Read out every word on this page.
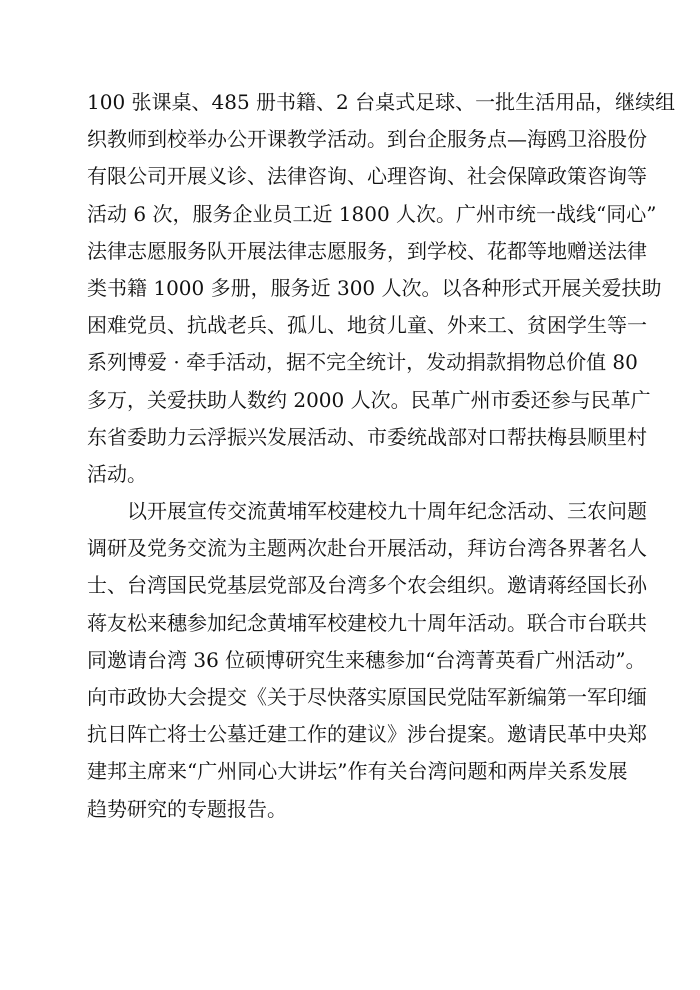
100 张课桌、485 册书籍、2 台桌式足球、一批生活用品，继续组
织教师到校举办公开课教学活动。到台企服务点—海鸥卫浴股份
有限公司开展义诊、法律咨询、心理咨询、社会保障政策咨询等
活动 6 次，服务企业员工近 1800 人次。广州市统一战线“同心”
法律志愿服务队开展法律志愿服务，到学校、花都等地赠送法律
类书籍 1000 多册，服务近 300 人次。以各种形式开展关爱扶助
困难党员、抗战老兵、孤儿、地贫儿童、外来工、贫困学生等一
系列博爱 · 牵手活动，据不完全统计，发动捐款捐物总价值 80
多万，关爱扶助人数约 2000 人次。民革广州市委还参与民革广
东省委助力云浮振兴发展活动、市委统战部对口帮扶梅县顺里村
活动。
以开展宣传交流黄埔军校建校九十周年纪念活动、三农问题
调研及党务交流为主题两次赴台开展活动，拜访台湾各界著名人
士、台湾国民党基层党部及台湾多个农会组织。邀请蒋经国长孙
蒋友松来穗参加纪念黄埔军校建校九十周年活动。联合市台联共
同邀请台湾 36 位硕博研究生来穗参加“台湾菁英看广州活动”。
向市政协大会提交《关于尽快落实原国民党陆军新编第一军印缅
抗日阵亡将士公墓迁建工作的建议》涉台提案。邀请民革中央郑
建邦主席来“广州同心大讲坛”作有关台湾问题和两岸关系发展
趋势研究的专题报告。
